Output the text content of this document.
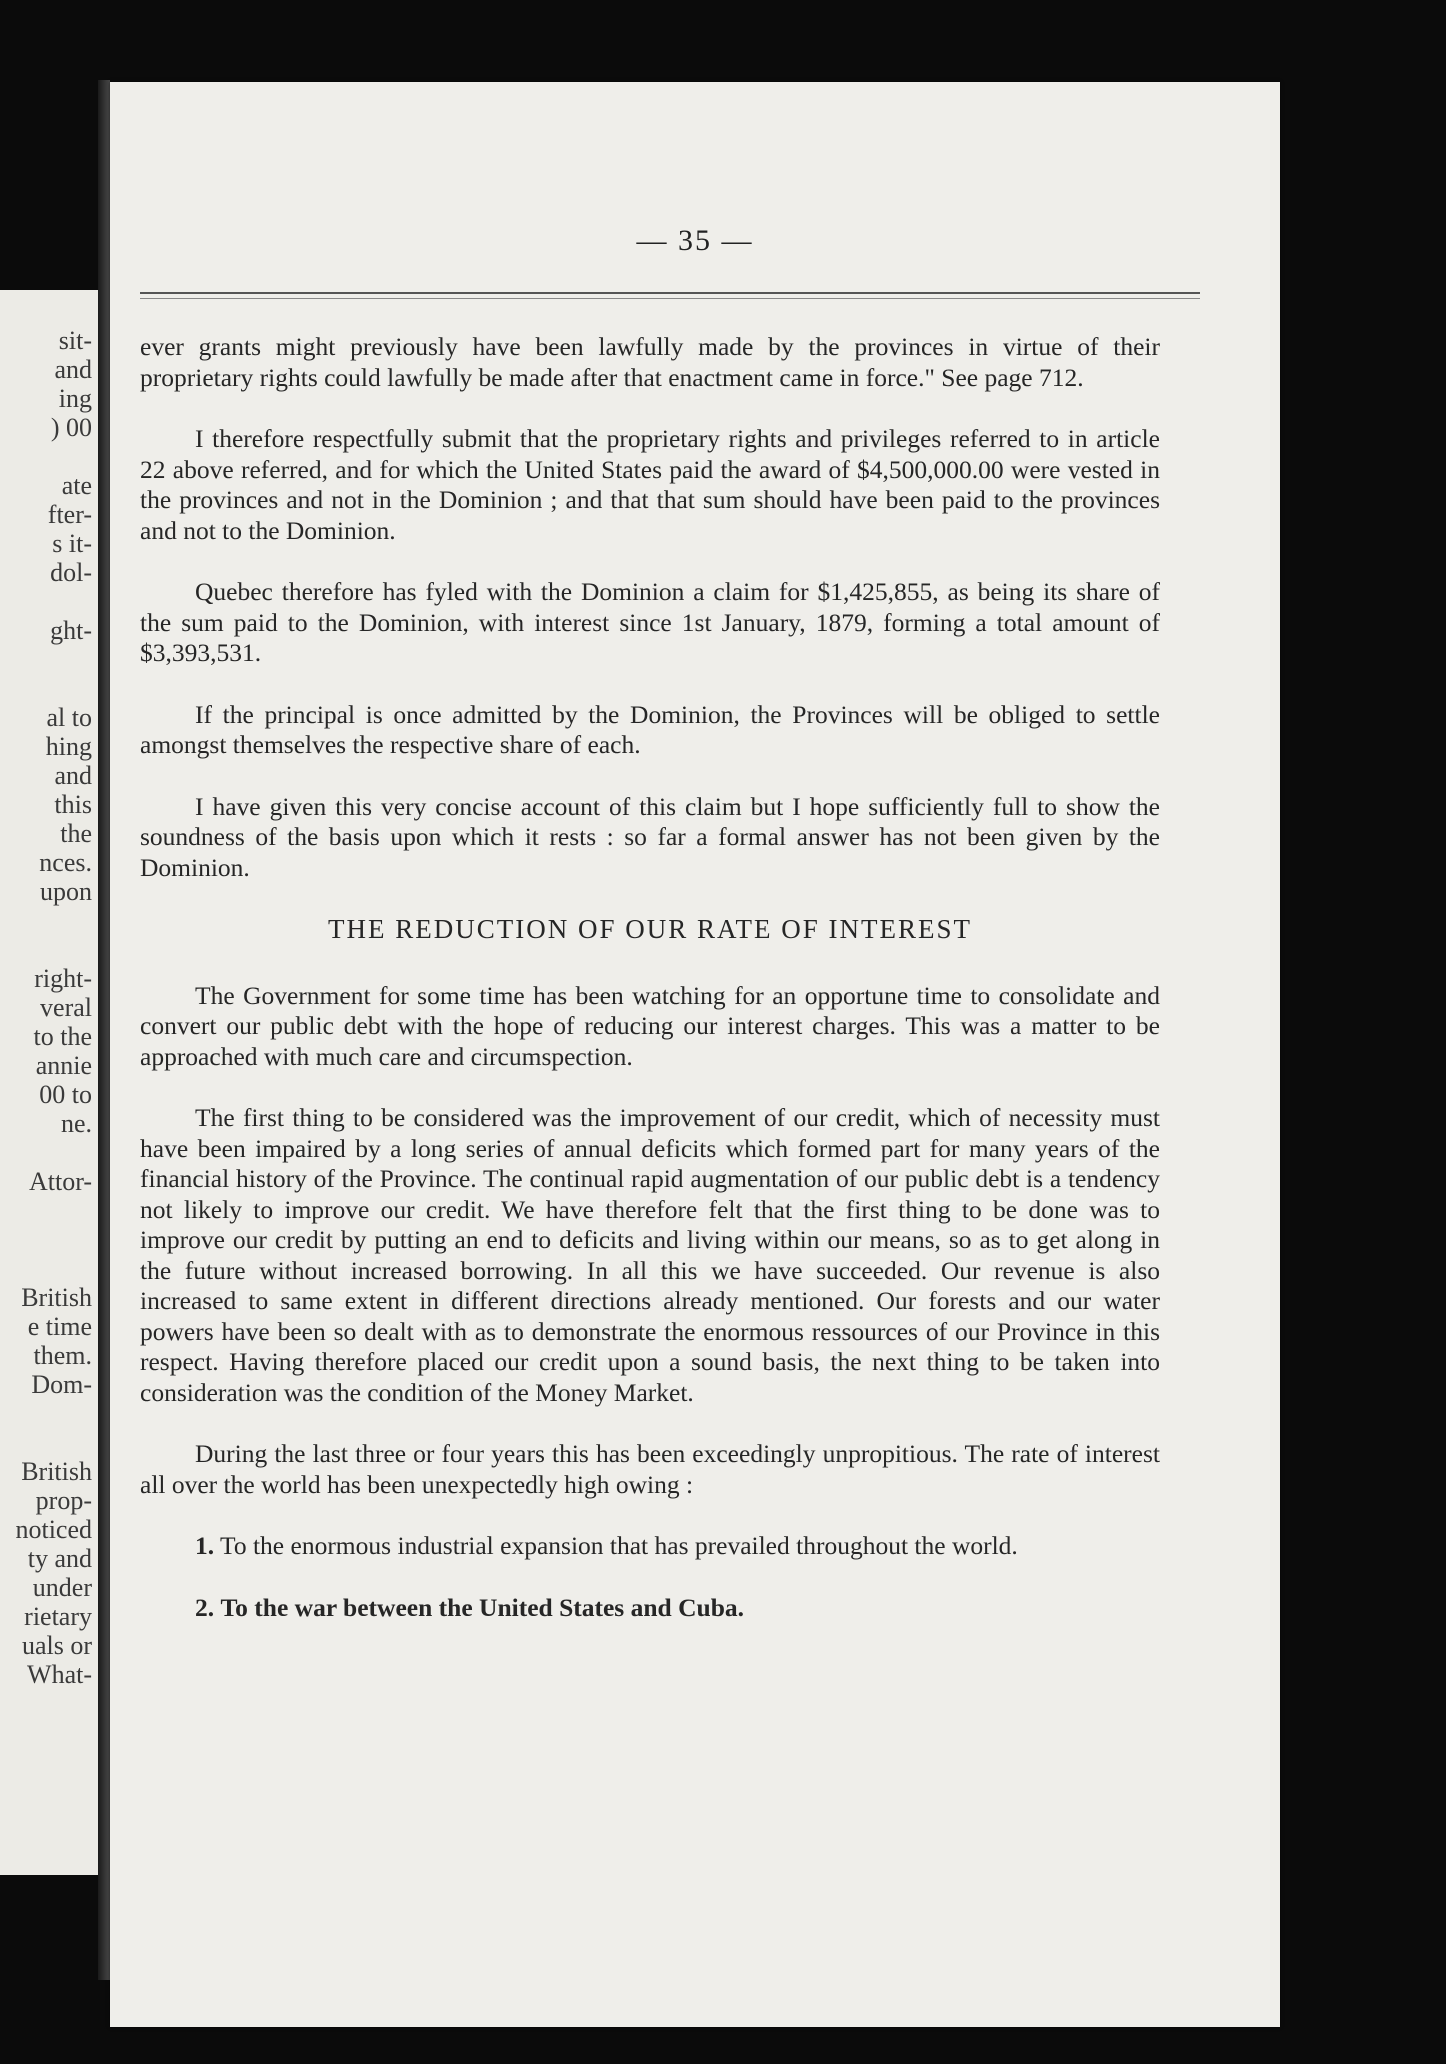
sit-
and
ing
) 00
ate
fter-
s it-
dol-
ght-
al to
hing
and
this
the
nces.
upon
right-
veral
to the
annie
00 to
ne.
Attor-
British
e time
them.
Dom-
British
prop-
noticed
ty and
under
rietary
uals or
What-
— 35 —

ever grants might previously have been lawfully made by the provinces in virtue of their proprietary rights could lawfully be made after that enactment came in force." See page 712.

I therefore respectfully submit that the proprietary rights and privileges referred to in article 22 above referred, and for which the United States paid the award of $4,500,000.00 were vested in the provinces and not in the Dominion ; and that that sum should have been paid to the provinces and not to the Dominion.

Quebec therefore has fyled with the Dominion a claim for $1,425,855, as being its share of the sum paid to the Dominion, with interest since 1st January, 1879, forming a total amount of $3,393,531.

If the principal is once admitted by the Dominion, the Provinces will be obliged to settle amongst themselves the respective share of each.

I have given this very concise account of this claim but I hope sufficiently full to show the soundness of the basis upon which it rests : so far a formal answer has not been given by the Dominion.

THE REDUCTION OF OUR RATE OF INTEREST

The Government for some time has been watching for an opportune time to consolidate and convert our public debt with the hope of reducing our interest charges. This was a matter to be approached with much care and circumspection.

The first thing to be considered was the improvement of our credit, which of necessity must have been impaired by a long series of annual deficits which formed part for many years of the financial history of the Province. The continual rapid augmentation of our public debt is a tendency not likely to improve our credit. We have therefore felt that the first thing to be done was to improve our credit by putting an end to deficits and living within our means, so as to get along in the future without increased borrowing. In all this we have succeeded. Our revenue is also increased to same extent in different directions already mentioned. Our forests and our water powers have been so dealt with as to demonstrate the enormous ressources of our Province in this respect. Having therefore placed our credit upon a sound basis, the next thing to be taken into consideration was the condition of the Money Market.

During the last three or four years this has been exceedingly unpropitious. The rate of interest all over the world has been unexpectedly high owing :

1. To the enormous industrial expansion that has prevailed throughout the world.

2. To the war between the United States and Cuba.
